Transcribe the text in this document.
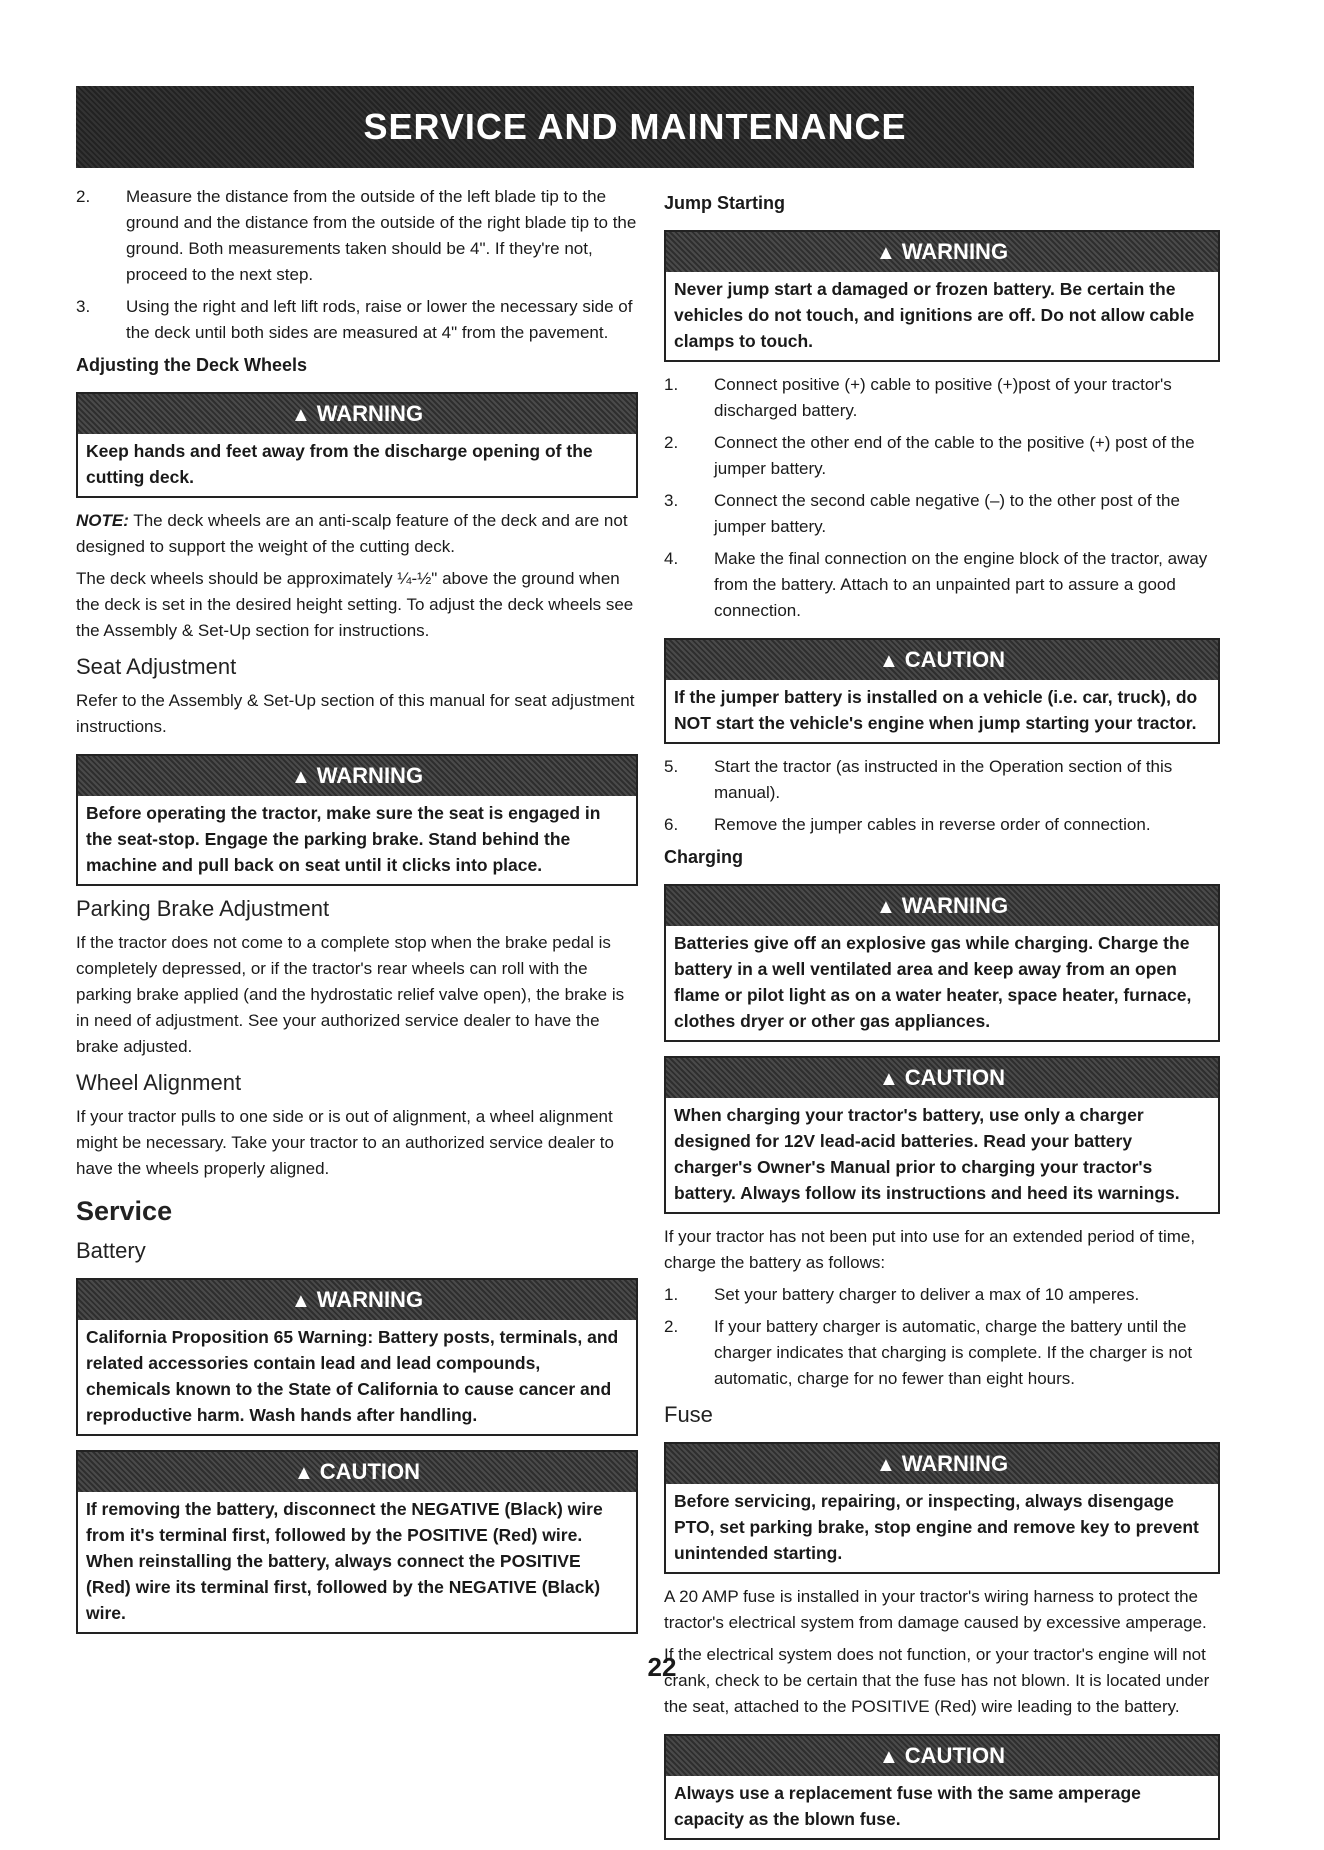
SERVICE AND MAINTENANCE
2.	Measure the distance from the outside of the left blade tip to the ground and the distance from the outside of the right blade tip to the ground. Both measurements taken should be 4". If they're not, proceed to the next step.
3.	Using the right and left lift rods, raise or lower the necessary side of the deck until both sides are measured at 4" from the pavement.
Adjusting the Deck Wheels
▲ WARNING
Keep hands and feet away from the discharge opening of the cutting deck.

NOTE: The deck wheels are an anti-scalp feature of the deck and are not designed to support the weight of the cutting deck.

The deck wheels should be approximately ¼-½" above the ground when the deck is set in the desired height setting. To adjust the deck wheels see the Assembly & Set-Up section for instructions.

Seat Adjustment

Refer to the Assembly & Set-Up section of this manual for seat adjustment instructions.

▲ WARNING
Before operating the tractor, make sure the seat is engaged in the seat-stop. Engage the parking brake. Stand behind the machine and pull back on seat until it clicks into place.
Parking Brake Adjustment

If the tractor does not come to a complete stop when the brake pedal is completely depressed, or if the tractor's rear wheels can roll with the parking brake applied (and the hydrostatic relief valve open), the brake is in need of adjustment. See your authorized service dealer to have the brake adjusted.

Wheel Alignment

If your tractor pulls to one side or is out of alignment, a wheel alignment might be necessary. Take your tractor to an authorized service dealer to have the wheels properly aligned.

Service
Battery
▲ WARNING
California Proposition 65 Warning: Battery posts, terminals, and related accessories contain lead and lead compounds, chemicals known to the State of California to cause cancer and reproductive harm. Wash hands after handling.
▲ CAUTION
If removing the battery, disconnect the NEGATIVE (Black) wire from it's terminal first, followed by the POSITIVE (Red) wire. When reinstalling the battery, always connect the POSITIVE (Red) wire its terminal first, followed by the NEGATIVE (Black) wire.
Jump Starting
▲ WARNING
Never jump start a damaged or frozen battery. Be certain the vehicles do not touch, and ignitions are off. Do not allow cable clamps to touch.
1.	Connect positive (+) cable to positive (+)post of your tractor's discharged battery.
2.	Connect the other end of the cable to the positive (+) post of the jumper battery.
3.	Connect the second cable negative (–) to the other post of the jumper battery.
4.	Make the final connection on the engine block of the tractor, away from the battery. Attach to an unpainted part to assure a good connection.
▲ CAUTION
If the jumper battery is installed on a vehicle (i.e. car, truck), do NOT start the vehicle's engine when jump starting your tractor.
5.	Start the tractor (as instructed in the Operation section of this manual).
6.	Remove the jumper cables in reverse order of connection.
Charging
▲ WARNING
Batteries give off an explosive gas while charging. Charge the battery in a well ventilated area and keep away from an open flame or pilot light as on a water heater, space heater, furnace, clothes dryer or other gas appliances.
▲ CAUTION
When charging your tractor's battery, use only a charger designed for 12V lead-acid batteries. Read your battery charger's Owner's Manual prior to charging your tractor's battery. Always follow its instructions and heed its warnings.

If your tractor has not been put into use for an extended period of time, charge the battery as follows:

1.	Set your battery charger to deliver a max of 10 amperes.
2.	If your battery charger is automatic, charge the battery until the charger indicates that charging is complete. If the charger is not automatic, charge for no fewer than eight hours.
Fuse
▲ WARNING
Before servicing, repairing, or inspecting, always disengage PTO, set parking brake, stop engine and remove key to prevent unintended starting.

A 20 AMP fuse is installed in your tractor's wiring harness to protect the tractor's electrical system from damage caused by excessive amperage.

If the electrical system does not function, or your tractor's engine will not crank, check to be certain that the fuse has not blown. It is located under the seat, attached to the POSITIVE (Red) wire leading to the battery.

▲ CAUTION
Always use a replacement fuse with the same amperage capacity as the blown fuse.
22
